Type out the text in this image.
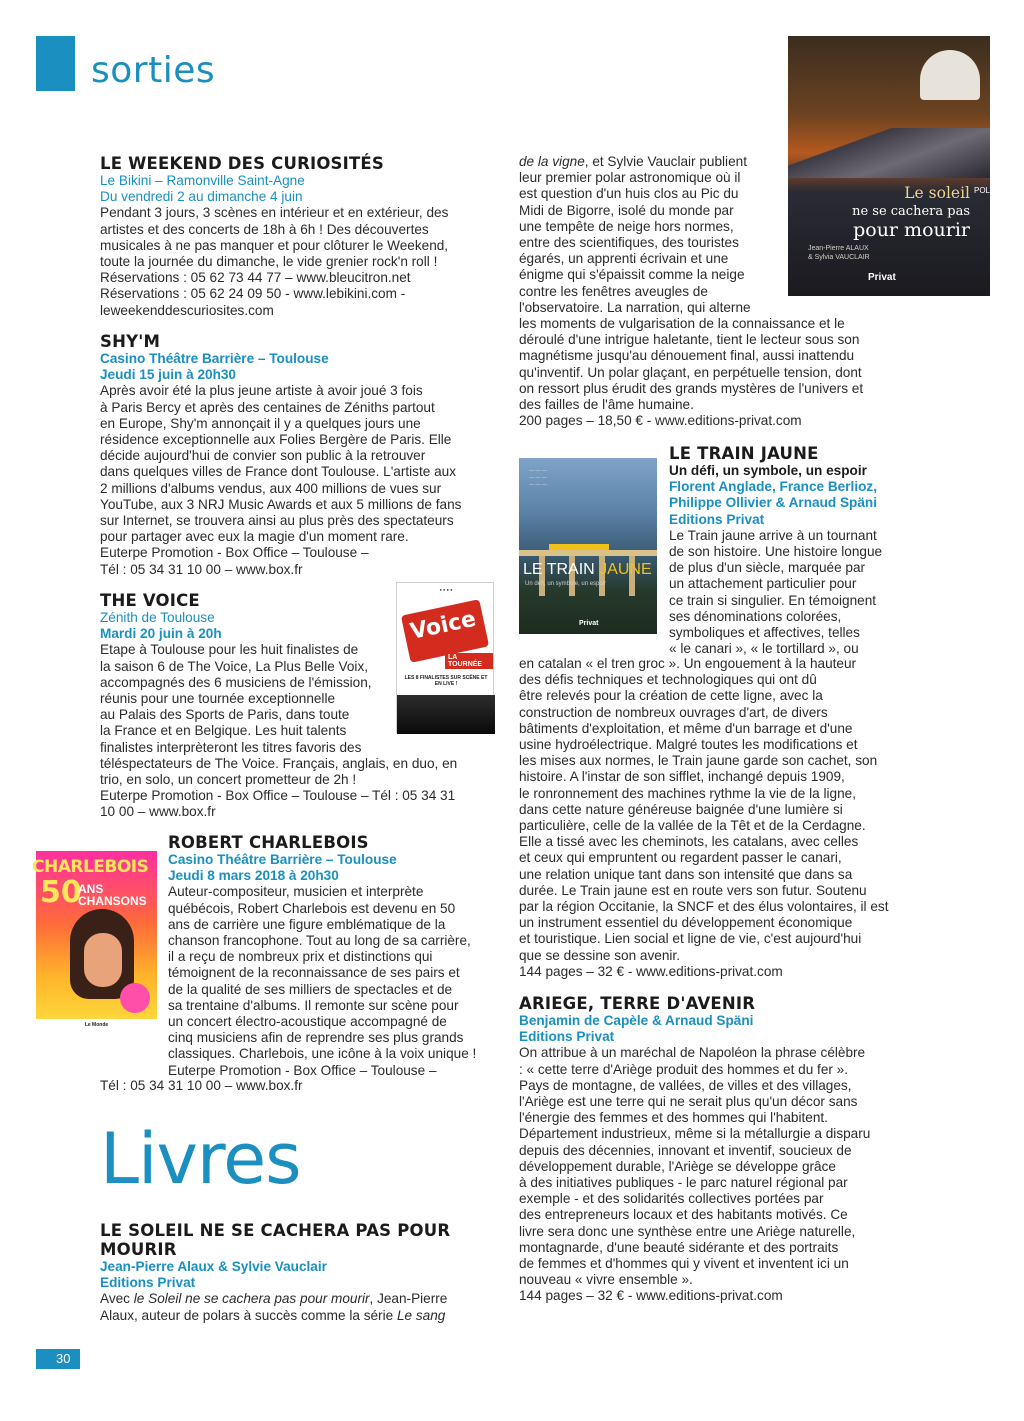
sorties
LE WEEKEND DES CURIOSITÉS
Le Bikini – Ramonville Saint-Agne
Du vendredi 2 au dimanche 4 juin
Pendant 3 jours, 3 scènes en intérieur et en extérieur, des
artistes et des concerts de 18h à 6h ! Des découvertes
musicales à ne pas manquer et pour clôturer le Weekend,
toute la journée du dimanche, le vide grenier rock'n roll !
Réservations : 05 62 73 44 77 – www.bleucitron.net
Réservations : 05 62 24 09 50 - www.lebikini.com -
leweekenddescuriosites.com
SHY'M
Casino Théâtre Barrière – Toulouse
Jeudi 15 juin à 20h30
Après avoir été la plus jeune artiste à avoir joué 3 fois
à Paris Bercy et après des centaines de Zéniths partout
en Europe, Shy'm annonçait il y a quelques jours une
résidence exceptionnelle aux Folies Bergère de Paris. Elle
décide aujourd'hui de convier son public à la retrouver
dans quelques villes de France dont Toulouse. L'artiste aux
2 millions d'albums vendus, aux 400 millions de vues sur
YouTube, aux 3 NRJ Music Awards et aux 5 millions de fans
sur Internet, se trouvera ainsi au plus près des spectateurs
pour partager avec eux la magie d'un moment rare.
Euterpe Promotion - Box Office – Toulouse –
Tél : 05 34 31 10 00 – www.box.fr
THE VOICE
Zénith de Toulouse
Mardi 20 juin à 20h
Etape à Toulouse pour les huit finalistes de
la saison 6 de The Voice, La Plus Belle Voix,
accompagnés des 6 musiciens de l'émission,
réunis pour une tournée exceptionnelle
au Palais des Sports de Paris, dans toute
la France et en Belgique. Les huit talents
finalistes interprèteront les titres favoris des
téléspectateurs de The Voice. Français, anglais, en duo, en
trio, en solo, un concert prometteur de 2h !
Euterpe Promotion - Box Office – Toulouse – Tél : 05 34 31
10 00 – www.box.fr
● ● ● ●
Voice
LA TOURNÉE
LES 8 FINALISTES SUR SCÈNE ET EN LIVE !
ROBERT CHARLEBOIS
Casino Théâtre Barrière – Toulouse
Jeudi 8 mars 2018 à 20h30
Auteur-compositeur, musicien et interprète
québécois, Robert Charlebois est devenu en 50
ans de carrière une figure emblématique de la
chanson francophone. Tout au long de sa carrière,
il a reçu de nombreux prix et distinctions qui
témoignent de la reconnaissance de ses pairs et
de la qualité de ses milliers de spectacles et de
sa trentaine d'albums. Il remonte sur scène pour
un concert électro-acoustique accompagné de
cinq musiciens afin de reprendre ses plus grands
classiques. Charlebois, une icône à la voix unique !
Euterpe Promotion - Box Office – Toulouse –
Tél : 05 34 31 10 00 – www.box.fr
CHARLEBOIS
50
ANS
CHANSONS
Le Monde
Livres
LE SOLEIL NE SE CACHERA PAS POUR MOURIR
Jean-Pierre Alaux & Sylvie Vauclair
Editions Privat
Avec le Soleil ne se cachera pas pour mourir, Jean-Pierre
Alaux, auteur de polars à succès comme la série Le sang
de la vigne, et Sylvie Vauclair publient
leur premier polar astronomique où il
est question d'un huis clos au Pic du
Midi de Bigorre, isolé du monde par
une tempête de neige hors normes,
entre des scientifiques, des touristes
égarés, un apprenti écrivain et une
énigme qui s'épaissit comme la neige
contre les fenêtres aveugles de
l'observatoire. La narration, qui alterne
les moments de vulgarisation de la connaissance et le
déroulé d'une intrigue haletante, tient le lecteur sous son
magnétisme jusqu'au dénouement final, aussi inattendu
qu'inventif. Un polar glaçant, en perpétuelle tension, dont
on ressort plus érudit des grands mystères de l'univers et
des failles de l'âme humaine.
200 pages – 18,50 € - www.editions-privat.com
Le soleil
ne se cachera pas
pour mourir
Jean-Pierre ALAUX
& Sylvia VAUCLAIR
POLAR
Privat
— — —
— — —
— — —
LE TRAIN JAUNE
Un défi, un symbole, un espoir
Privat
LE TRAIN JAUNE
Un défi, un symbole, un espoir
Florent Anglade, France Berlioz,
Philippe Ollivier & Arnaud Späni
Editions Privat
Le Train jaune arrive à un tournant
de son histoire. Une histoire longue
de plus d'un siècle, marquée par
un attachement particulier pour
ce train si singulier. En témoignent
ses dénominations colorées,
symboliques et affectives, telles
« le canari », « le tortillard », ou
en catalan « el tren groc ». Un engouement à la hauteur
des défis techniques et technologiques qui ont dû
être relevés pour la création de cette ligne, avec la
construction de nombreux ouvrages d'art, de divers
bâtiments d'exploitation, et même d'un barrage et d'une
usine hydroélectrique. Malgré toutes les modifications et
les mises aux normes, le Train jaune garde son cachet, son
histoire. A l'instar de son sifflet, inchangé depuis 1909,
le ronronnement des machines rythme la vie de la ligne,
dans cette nature généreuse baignée d'une lumière si
particulière, celle de la vallée de la Têt et de la Cerdagne.
Elle a tissé avec les cheminots, les catalans, avec celles
et ceux qui empruntent ou regardent passer le canari,
une relation unique tant dans son intensité que dans sa
durée. Le Train jaune est en route vers son futur. Soutenu
par la région Occitanie, la SNCF et des élus volontaires, il est
un instrument essentiel du développement économique
et touristique. Lien social et ligne de vie, c'est aujourd'hui
que se dessine son avenir.
144 pages – 32 € - www.editions-privat.com
ARIEGE, TERRE D'AVENIR
Benjamin de Capèle & Arnaud Späni
Editions Privat
On attribue à un maréchal de Napoléon la phrase célèbre
: « cette terre d'Ariège produit des hommes et du fer ».
Pays de montagne, de vallées, de villes et des villages,
l'Ariège est une terre qui ne serait plus qu'un décor sans
l'énergie des femmes et des hommes qui l'habitent.
Département industrieux, même si la métallurgie a disparu
depuis des décennies, innovant et inventif, soucieux de
développement durable, l'Ariège se développe grâce
à des initiatives publiques - le parc naturel régional par
exemple - et des solidarités collectives portées par
des entrepreneurs locaux et des habitants motivés. Ce
livre sera donc une synthèse entre une Ariège naturelle,
montagnarde, d'une beauté sidérante et des portraits
de femmes et d'hommes qui y vivent et inventent ici un
nouveau « vivre ensemble ».
144 pages – 32 € - www.editions-privat.com
30
